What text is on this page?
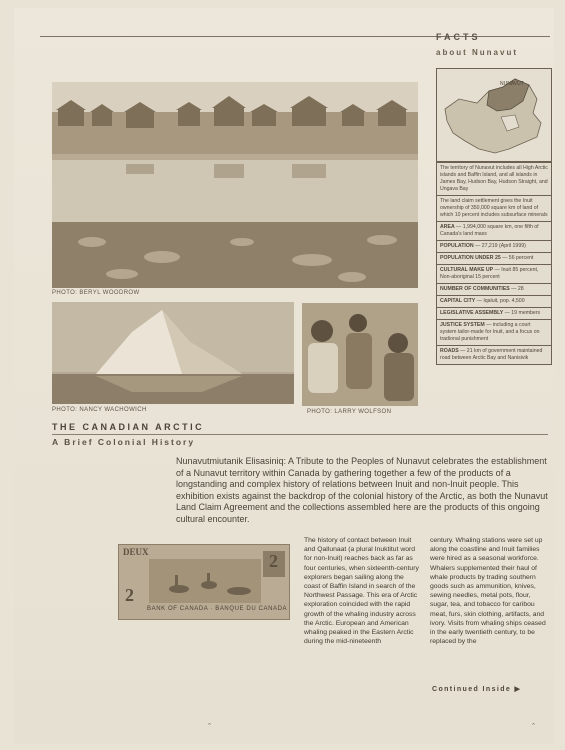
FACTS
about Nunavut
PHOTO: BERYL WOODROW
PHOTO: NANCY WACHOWICH	PHOTO: LARRY WOLFSON
NUNAVUT
The territory of Nunavut includes all High Arctic islands and Baffin Island, and all islands in James Bay, Hudson Bay, Hudson Straight, and Ungava Bay
The land claim settlement gives the Inuit ownership of 350,000 square km of land of which 10 percent includes subsurface minerals
AREA — 1,994,000 square km, one fifth of Canada's land mass
POPULATION — 27,219 (April 1999)
POPULATION UNDER 25 — 56 percent
CULTURAL MAKE UP — Inuit 85 percent, Non-aboriginal 15 percent
NUMBER OF COMMUNITIES — 28
CAPITAL CITY — Iqaluit, pop. 4,500
LEGISLATIVE ASSEMBLY — 19 members
JUSTICE SYSTEM — including a court system tailor-made for Inuit, and a focus on tradional punishment
ROADS — 21 km of government maintained road between Arctic Bay and Nanisivik
THE CANADIAN ARCTIC
A Brief Colonial History
Nunavutmiutanik Elisasiniq: A Tribute to the Peoples of Nunavut celebrates the establishment of a Nunavut territory within Canada by gathering together a few of the products of a longstanding and complex history of relations between Inuit and non-Inuit people. This exhibition exists against the backdrop of the colonial history of the Arctic, as both the Nunavut Land Claim Agreement and the collections assembled here are the products of this ongoing cultural encounter.
DEUX	2
2
BANK OF CANADA · BANQUE DU CANADA
The history of contact between Inuit and Qallunaat (a plural Inuktitut word for non-Inuit) reaches back as far as four centuries, when sixteenth-century explorers began sailing along the coast of Baffin Island in search of the Northwest Passage. This era of Arctic exploration coincided with the rapid growth of the whaling industry across the Arctic. European and American whaling peaked in the Eastern Arctic during the mid-nineteenth
century. Whaling stations were set up along the coastline and Inuit families were hired as a seasonal workforce. Whalers supplemented their haul of whale products by trading southern goods such as ammunition, knives, sewing needles, metal pots, flour, sugar, tea, and tobacco for caribou meat, furs, skin clothing, artifacts, and ivory. Visits from whaling ships ceased in the early twentieth century, to be replaced by the
Continued Inside ▶
ˆ	ˆ
